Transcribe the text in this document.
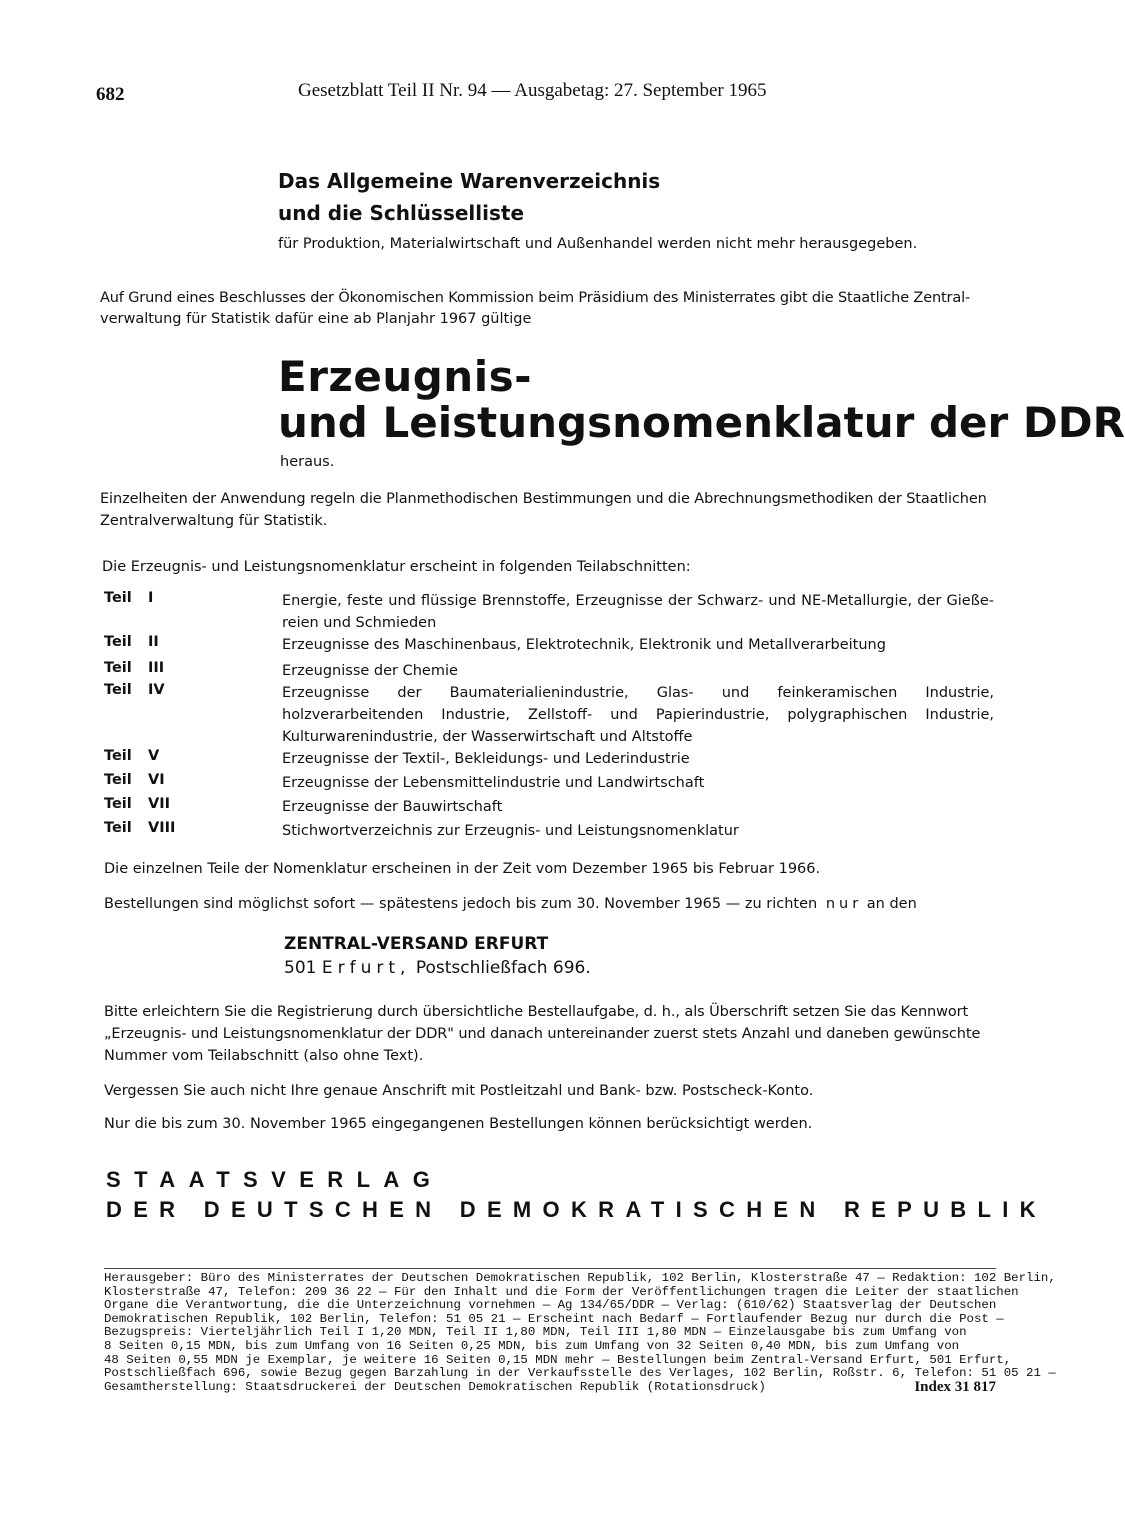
682	Gesetzblatt Teil II Nr. 94 — Ausgabetag: 27. September 1965
Das Allgemeine Warenverzeichnis
und die Schlüsselliste
für Produktion, Materialwirtschaft und Außenhandel werden nicht mehr herausgegeben.
Auf Grund eines Beschlusses der Ökonomischen Kommission beim Präsidium des Ministerrates gibt die Staatliche Zentral-
verwaltung für Statistik dafür eine ab Planjahr 1967 gültige
Erzeugnis-
und Leistungsnomenklatur der DDR
heraus.
Einzelheiten der Anwendung regeln die Planmethodischen Bestimmungen und die Abrechnungsmethodiken der Staatlichen
Zentralverwaltung für Statistik.
Die Erzeugnis- und Leistungsnomenklatur erscheint in folgenden Teilabschnitten:
Teil I	Energie, feste und flüssige Brennstoffe, Erzeugnisse der Schwarz- und NE-Metallurgie, der Gieße-reien und Schmieden
Teil II	Erzeugnisse des Maschinenbaus, Elektrotechnik, Elektronik und Metallverarbeitung
Teil III	Erzeugnisse der Chemie
Teil IV	Erzeugnisse der Baumaterialienindustrie, Glas- und feinkeramischen Industrie, holzverarbeitenden Industrie, Zellstoff- und Papierindustrie, polygraphischen Industrie, Kulturwarenindustrie, der Wasserwirtschaft und Altstoffe
Teil V	Erzeugnisse der Textil-, Bekleidungs- und Lederindustrie
Teil VI	Erzeugnisse der Lebensmittelindustrie und Landwirtschaft
Teil VII	Erzeugnisse der Bauwirtschaft
Teil VIII	Stichwortverzeichnis zur Erzeugnis- und Leistungsnomenklatur
Die einzelnen Teile der Nomenklatur erscheinen in der Zeit vom Dezember 1965 bis Februar 1966.
Bestellungen sind möglichst sofort — spätestens jedoch bis zum 30. November 1965 — zu richten nur an den
ZENTRAL-VERSAND ERFURT
501 Erfurt, Postschließfach 696.
Bitte erleichtern Sie die Registrierung durch übersichtliche Bestellaufgabe, d. h., als Überschrift setzen Sie das Kennwort
„Erzeugnis- und Leistungsnomenklatur der DDR" und danach untereinander zuerst stets Anzahl und daneben gewünschte
Nummer vom Teilabschnitt (also ohne Text).
Vergessen Sie auch nicht Ihre genaue Anschrift mit Postleitzahl und Bank- bzw. Postscheck-Konto.
Nur die bis zum 30. November 1965 eingegangenen Bestellungen können berücksichtigt werden.
STAATSVERLAG
DER DEUTSCHEN DEMOKRATISCHEN REPUBLIK
Herausgeber: Büro des Ministerrates der Deutschen Demokratischen Republik, 102 Berlin, Klosterstraße 47 — Redaktion: 102 Berlin,
Klosterstraße 47, Telefon: 209 36 22 — Für den Inhalt und die Form der Veröffentlichungen tragen die Leiter der staatlichen
Organe die Verantwortung, die die Unterzeichnung vornehmen — Ag 134/65/DDR — Verlag: (610/62) Staatsverlag der Deutschen
Demokratischen Republik, 102 Berlin, Telefon: 51 05 21 — Erscheint nach Bedarf — Fortlaufender Bezug nur durch die Post —
Bezugspreis: Vierteljährlich Teil I 1,20 MDN, Teil II 1,80 MDN, Teil III 1,80 MDN — Einzelausgabe bis zum Umfang von
8 Seiten 0,15 MDN, bis zum Umfang von 16 Seiten 0,25 MDN, bis zum Umfang von 32 Seiten 0,40 MDN, bis zum Umfang von
48 Seiten 0,55 MDN je Exemplar, je weitere 16 Seiten 0,15 MDN mehr — Bestellungen beim Zentral-Versand Erfurt, 501 Erfurt,
Postschließfach 696, sowie Bezug gegen Barzahlung in der Verkaufsstelle des Verlages, 102 Berlin, Roßstr. 6, Telefon: 51 05 21 —
Gesamtherstellung: Staatsdruckerei der Deutschen Demokratischen Republik (Rotationsdruck)	Index 31 817
